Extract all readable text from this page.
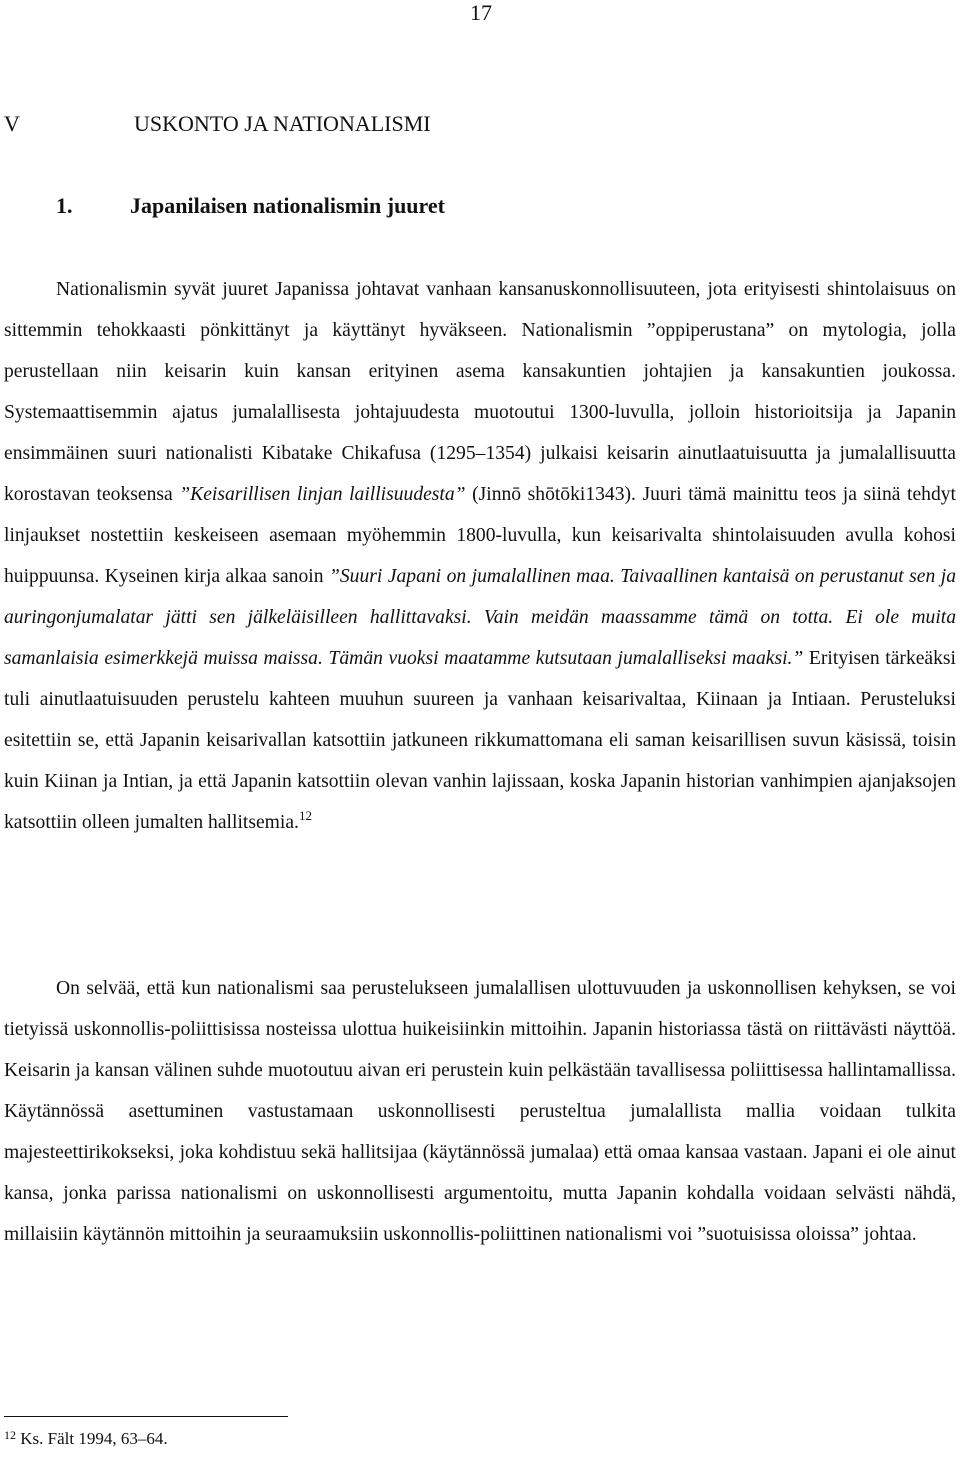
17
V	USKONTO JA NATIONALISMI
1.	Japanilaisen nationalismin juuret

Nationalismin syvät juuret Japanissa johtavat vanhaan kansanuskonnollisuuteen, jota erityisesti shintolaisuus on sittemmin tehokkaasti pönkittänyt ja käyttänyt hyväkseen. Nationalismin ”oppiperustana” on mytologia, jolla perustellaan niin keisarin kuin kansan erityinen asema kansakuntien johtajien ja kansakuntien joukossa. Systemaattisemmin ajatus jumalallisesta johtajuudesta muotoutui 1300-luvulla, jolloin historioitsija ja Japanin ensimmäinen suuri nationalisti Kibatake Chikafusa (1295–1354) julkaisi keisarin ainutlaatuisuutta ja jumalallisuutta korostavan teoksensa ”Keisarillisen linjan laillisuudesta” (Jinnō shōtōki1343). Juuri tämä mainittu teos ja siinä tehdyt linjaukset nostettiin keskeiseen asemaan myöhemmin 1800-luvulla, kun keisarivalta shintolaisuuden avulla kohosi huippuunsa. Kyseinen kirja alkaa sanoin ”Suuri Japani on jumalallinen maa. Taivaallinen kantaisä on perustanut sen ja auringonjumalatar jätti sen jälkeläisilleen hallittavaksi. Vain meidän maassamme tämä on totta. Ei ole muita samanlaisia esimerkkejä muissa maissa. Tämän vuoksi maatamme kutsutaan jumalalliseksi maaksi.” Erityisen tärkeäksi tuli ainutlaatuisuuden perustelu kahteen muuhun suureen ja vanhaan keisarivaltaa, Kiinaan ja Intiaan. Perusteluksi esitettiin se, että Japanin keisarivallan katsottiin jatkuneen rikkumattomana eli saman keisarillisen suvun käsissä, toisin kuin Kiinan ja Intian, ja että Japanin katsottiin olevan vanhin lajissaan, koska Japanin historian vanhimpien ajanjaksojen katsottiin olleen jumalten hallitsemia.$^{12}$

On selvää, että kun nationalismi saa perustelukseen jumalallisen ulottuvuuden ja uskonnollisen kehyksen, se voi tietyissä uskonnollis-poliittisissa nosteissa ulottua huikeisiinkin mittoihin. Japanin historiassa tästä on riittävästi näyttöä. Keisarin ja kansan välinen suhde muotoutuu aivan eri perustein kuin pelkästään tavallisessa poliittisessa hallintamallissa. Käytännössä asettuminen vastustamaan uskonnollisesti perusteltua jumalallista mallia voidaan tulkita majesteettirikokseksi, joka kohdistuu sekä hallitsijaa (käytännössä jumalaa) että omaa kansaa vastaan. Japani ei ole ainut kansa, jonka parissa nationalismi on uskonnollisesti argumentoitu, mutta Japanin kohdalla voidaan selvästi nähdä, millaisiin käytännön mittoihin ja seuraamuksiin uskonnollis-poliittinen nationalismi voi ”suotuisissa oloissa” johtaa.

$^{12}$ Ks. Fält 1994, 63–64.
